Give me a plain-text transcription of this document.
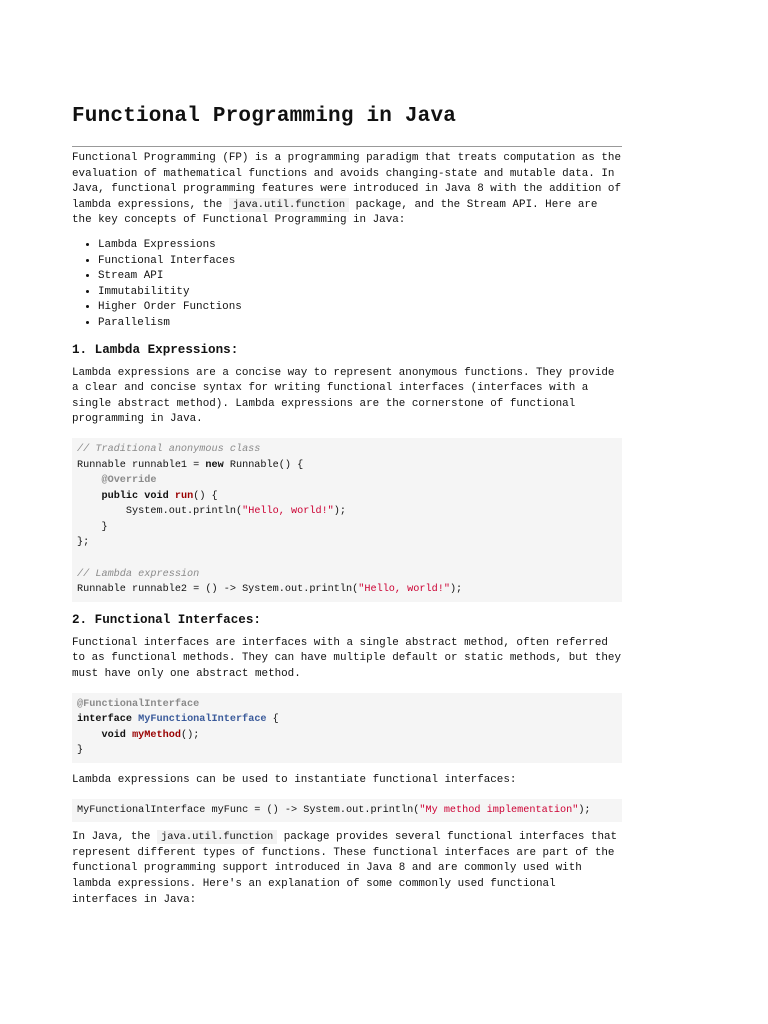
Functional Programming in Java

Functional Programming (FP) is a programming paradigm that treats computation as the evaluation of mathematical functions and avoids changing-state and mutable data. In Java, functional programming features were introduced in Java 8 with the addition of lambda expressions, the java.util.function package, and the Stream API. Here are the key concepts of Functional Programming in Java:

• Lambda Expressions
• Functional Interfaces
• Stream API
• Immutabilitity
• Higher Order Functions
• Parallelism
1. Lambda Expressions:

Lambda expressions are a concise way to represent anonymous functions. They provide a clear and concise syntax for writing functional interfaces (interfaces with a single abstract method). Lambda expressions are the cornerstone of functional programming in Java.

// Traditional anonymous class
Runnable runnable1 = new Runnable() {
@Override
public void run() {
System.out.println("Hello, world!");
}
};

// Lambda expression
Runnable runnable2 = () -> System.out.println("Hello, world!");
2. Functional Interfaces:

Functional interfaces are interfaces with a single abstract method, often referred to as functional methods. They can have multiple default or static methods, but they must have only one abstract method.

@FunctionalInterface
interface MyFunctionalInterface {
void myMethod();
}

Lambda expressions can be used to instantiate functional interfaces:

MyFunctionalInterface myFunc = () -> System.out.println("My method implementation");

In Java, the java.util.function package provides several functional interfaces that represent different types of functions. These functional interfaces are part of the functional programming support introduced in Java 8 and are commonly used with lambda expressions. Here's an explanation of some commonly used functional interfaces in Java:
